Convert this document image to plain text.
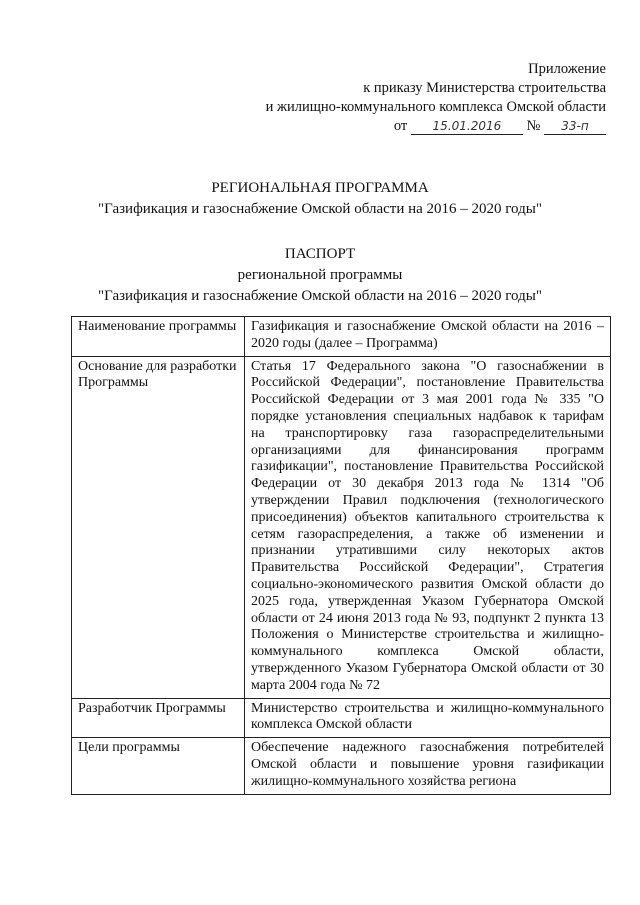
Приложение
к приказу Министерства строительства
и жилищно-коммунального комплекса Омской области
от 15.01.2016 № 33-п
РЕГИОНАЛЬНАЯ ПРОГРАММА
"Газификация и газоснабжение Омской области на 2016 – 2020 годы"
ПАСПОРТ
региональной программы
"Газификация и газоснабжение Омской области на 2016 – 2020 годы"
Наименование программы	Газификация и газоснабжение Омской области на 2016 – 2020 годы (далее – Программа)
Основание для разработки Программы	Статья 17 Федерального закона "О газоснабжении в Российской Федерации", постановление Правительства Российской Федерации от 3 мая 2001 года № 335 "О порядке установления специальных надбавок к тарифам на транспортировку газа газораспределительными организациями для финансирования программ газификации", постановление Правительства Российской Федерации от 30 декабря 2013 года № 1314 "Об утверждении Правил подключения (технологического присоединения) объектов капитального строительства к сетям газораспределения, а также об изменении и признании утратившими силу некоторых актов Правительства Российской Федерации", Стратегия социально-экономического развития Омской области до 2025 года, утвержденная Указом Губернатора Омской области от 24 июня 2013 года № 93, подпункт 2 пункта 13 Положения о Министерстве строительства и жилищно-коммунального комплекса Омской области, утвержденного Указом Губернатора Омской области от 30 марта 2004 года № 72
Разработчик Программы	Министерство строительства и жилищно-коммунального комплекса Омской области
Цели программы	Обеспечение надежного газоснабжения потребителей Омской области и повышение уровня газификации жилищно-коммунального хозяйства региона
